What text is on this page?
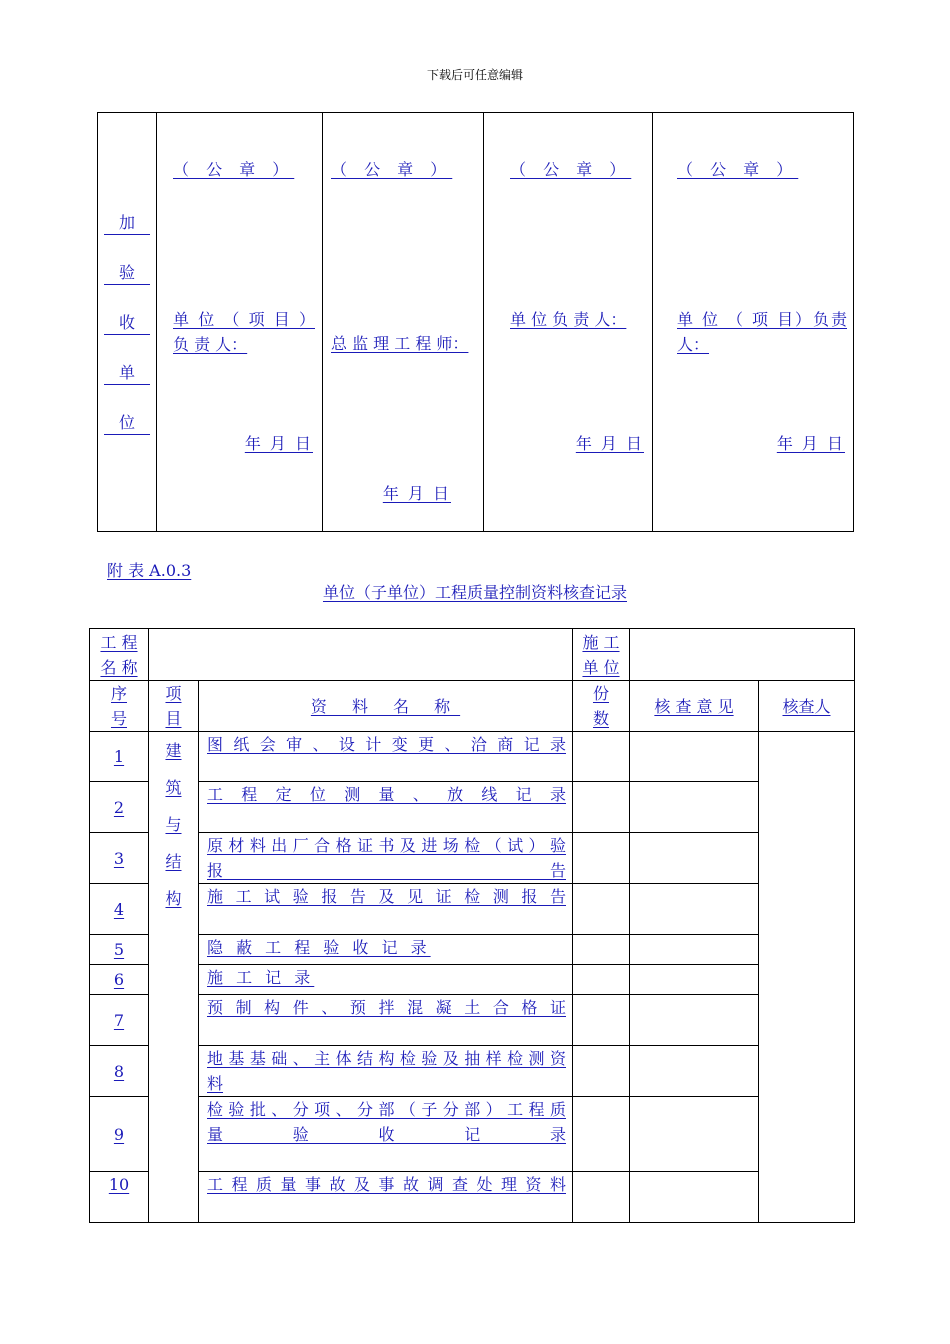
下载后可任意编辑
加
验
收
单
位

（ 公 章 ）
单 位 （ 项 目 ） 负 责 人：
年 月 日

（ 公 章 ）
总 监 理 工 程 师：
年 月 日

（ 公 章 ）
单 位 负 责 人：
年 月 日

（ 公 章 ）
单 位 （ 项 目）负责人：
年 月 日
附 表 A.0.3
单位（子单位）工程质量控制资料核查记录
工 程 名 称			施 工 单 位		
序 号	项 目	资 料 名 称	份 数	核 查 意 见	核查人
1	建筑与结构	图 纸 会 审 、 设 计 变 更 、 洽 商 记 录			
2		工 程 定 位 测 量 、 放 线 记 录			
3		原 材 料 出 厂 合 格 证 书 及 进 场 检 （ 试 ） 验 报 告			
4		施 工 试 验 报 告 及 见 证 检 测 报 告			
5		隐 蔽 工 程 验 收 记 录			
6		施 工 记 录			
7		预 制 构 件 、 预 拌 混 凝 土 合 格 证			
8		地 基 基 础 、 主 体 结 构 检 验 及 抽 样 检 测 资 料			
9		检 验 批 、 分 项 、 分 部 （ 子 分 部 ） 工 程 质 量 验 收 记 录			
10		工 程 质 量 事 故 及 事 故 调 查 处 理 资 料			
